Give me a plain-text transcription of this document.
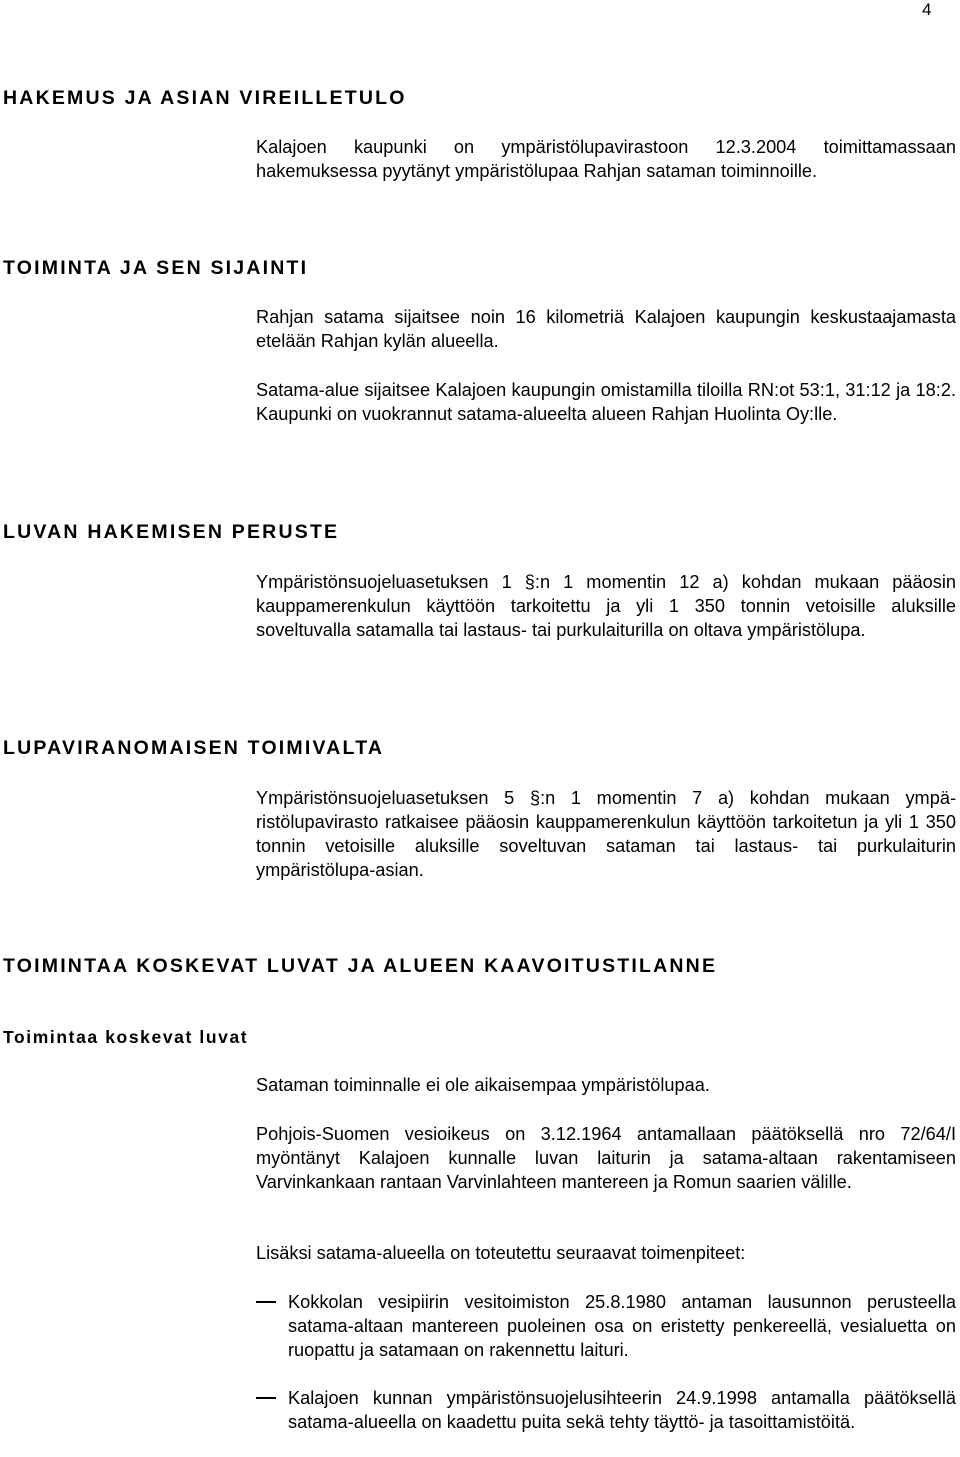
4
HAKEMUS JA ASIAN VIREILLETULO

Kalajoen kaupunki on ympäristölupavirastoon 12.3.2004 toimittamassaan hakemuksessa pyytänyt ympäristölupaa Rahjan sataman toiminnoille.

TOIMINTA JA SEN SIJAINTI

Rahjan satama sijaitsee noin 16 kilometriä Kalajoen kaupungin keskustaajamasta etelään Rahjan kylän alueella.

Satama-alue sijaitsee Kalajoen kaupungin omistamilla tiloilla RN:ot 53:1, 31:12 ja 18:2. Kaupunki on vuokrannut satama-alueelta alueen Rahjan Huolinta Oy:lle.

LUVAN HAKEMISEN PERUSTE

Ympäristönsuojeluasetuksen 1 §:n 1 momentin 12 a) kohdan mukaan pääosin kauppamerenkulun käyttöön tarkoitettu ja yli 1 350 tonnin vetoisille aluksille soveltuvalla satamalla tai lastaus- tai purkulaiturilla on oltava ympäristölupa.

LUPAVIRANOMAISEN TOIMIVALTA

Ympäristönsuojeluasetuksen 5 §:n 1 momentin 7 a) kohdan mukaan ympäristölupavirasto ratkaisee pääosin kauppamerenkulun käyttöön tarkoitetun ja yli 1 350 tonnin vetoisille aluksille soveltuvan sataman tai lastaus- tai purkulaiturin ympäristölupa-asian.

TOIMINTAA KOSKEVAT LUVAT JA ALUEEN KAAVOITUSTILANNE
Toimintaa koskevat luvat

Sataman toiminnalle ei ole aikaisempaa ympäristölupaa.

Pohjois-Suomen vesioikeus on 3.12.1964 antamallaan päätöksellä nro 72/64/I myöntänyt Kalajoen kunnalle luvan laiturin ja satama-altaan rakentamiseen Varvinkankaan rantaan Varvinlahteen mantereen ja Romun saarien välille.

Lisäksi satama-alueella on toteutettu seuraavat toimenpiteet:

Kokkolan vesipiirin vesitoimiston 25.8.1980 antaman lausunnon perusteella satama-altaan mantereen puoleinen osa on eristetty penkereellä, vesialuetta on ruopattu ja satamaan on rakennettu laituri.

Kalajoen kunnan ympäristönsuojelusihteerin 24.9.1998 antamalla päätöksellä satama-alueella on kaadettu puita sekä tehty täyttö- ja tasoittamistöitä.
